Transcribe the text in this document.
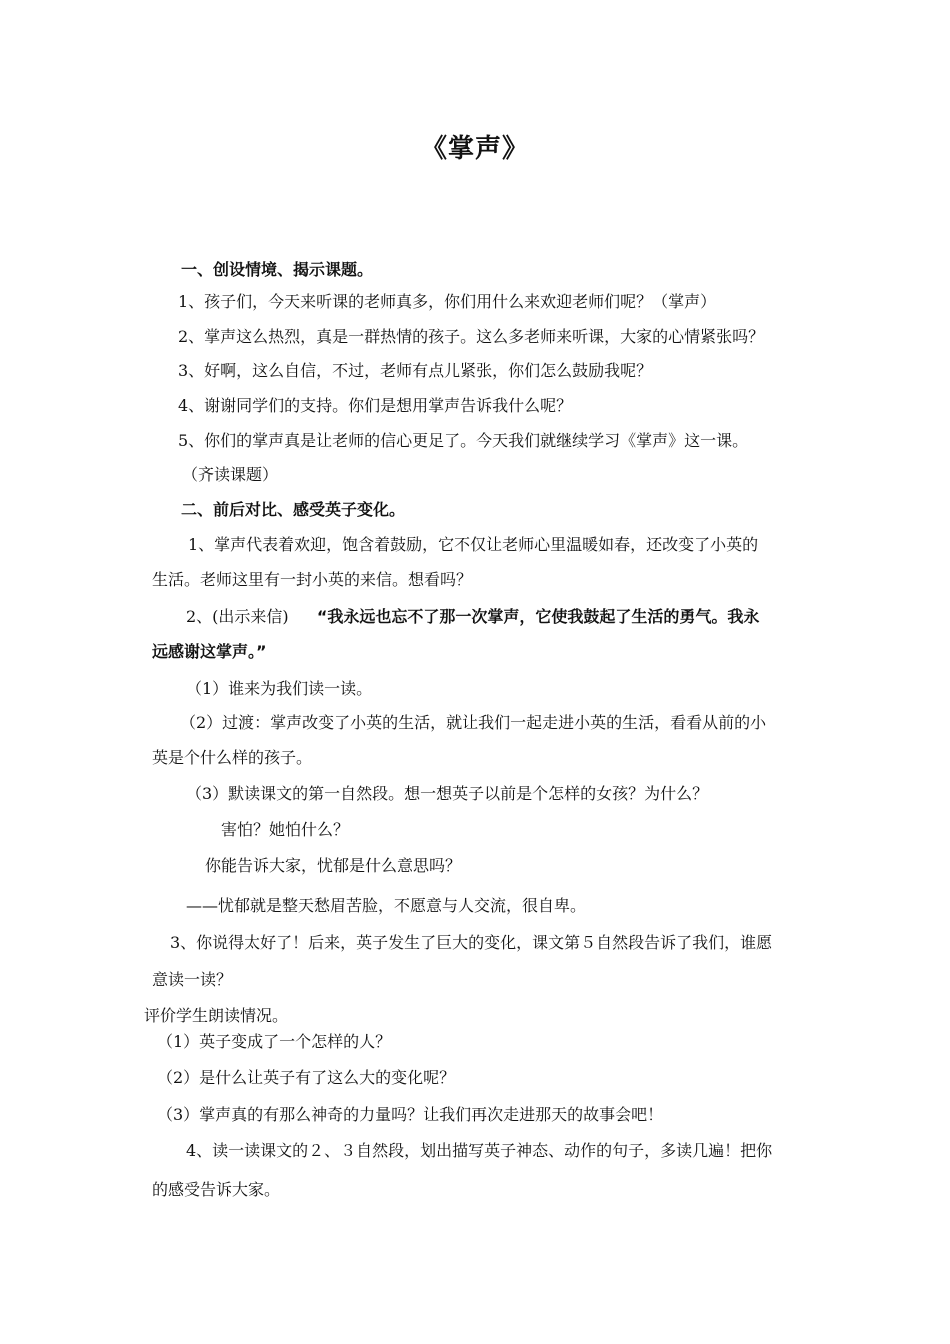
《掌声》
一、创设情境、揭示课题。
1、孩子们，今天来听课的老师真多，你们用什么来欢迎老师们呢？（掌声）
2、掌声这么热烈，真是一群热情的孩子。这么多老师来听课，大家的心情紧张吗？
3、好啊，这么自信，不过，老师有点儿紧张，你们怎么鼓励我呢？
4、谢谢同学们的支持。你们是想用掌声告诉我什么呢？
5、你们的掌声真是让老师的信心更足了。今天我们就继续学习《掌声》这一课。
（齐读课题）
二、前后对比、感受英子变化。
1、掌声代表着欢迎，饱含着鼓励，它不仅让老师心里温暖如春，还改变了小英的
生活。老师这里有一封小英的来信。想看吗？
2、(出示来信) “我永远也忘不了那一次掌声，它使我鼓起了生活的勇气。我永
远感谢这掌声。”
（1）谁来为我们读一读。
（2）过渡：掌声改变了小英的生活，就让我们一起走进小英的生活，看看从前的小
英是个什么样的孩子。
（3）默读课文的第一自然段。想一想英子以前是个怎样的女孩？为什么？
害怕？她怕什么？
你能告诉大家，忧郁是什么意思吗？
——忧郁就是整天愁眉苦脸，不愿意与人交流，很自卑。
3、你说得太好了！后来，英子发生了巨大的变化，课文第５自然段告诉了我们，谁愿
意读一读？
评价学生朗读情况。
（1）英子变成了一个怎样的人？
（2）是什么让英子有了这么大的变化呢？
（3）掌声真的有那么神奇的力量吗？让我们再次走进那天的故事会吧！
4、读一读课文的２、３自然段，划出描写英子神态、动作的句子，多读几遍！把你
的感受告诉大家。
